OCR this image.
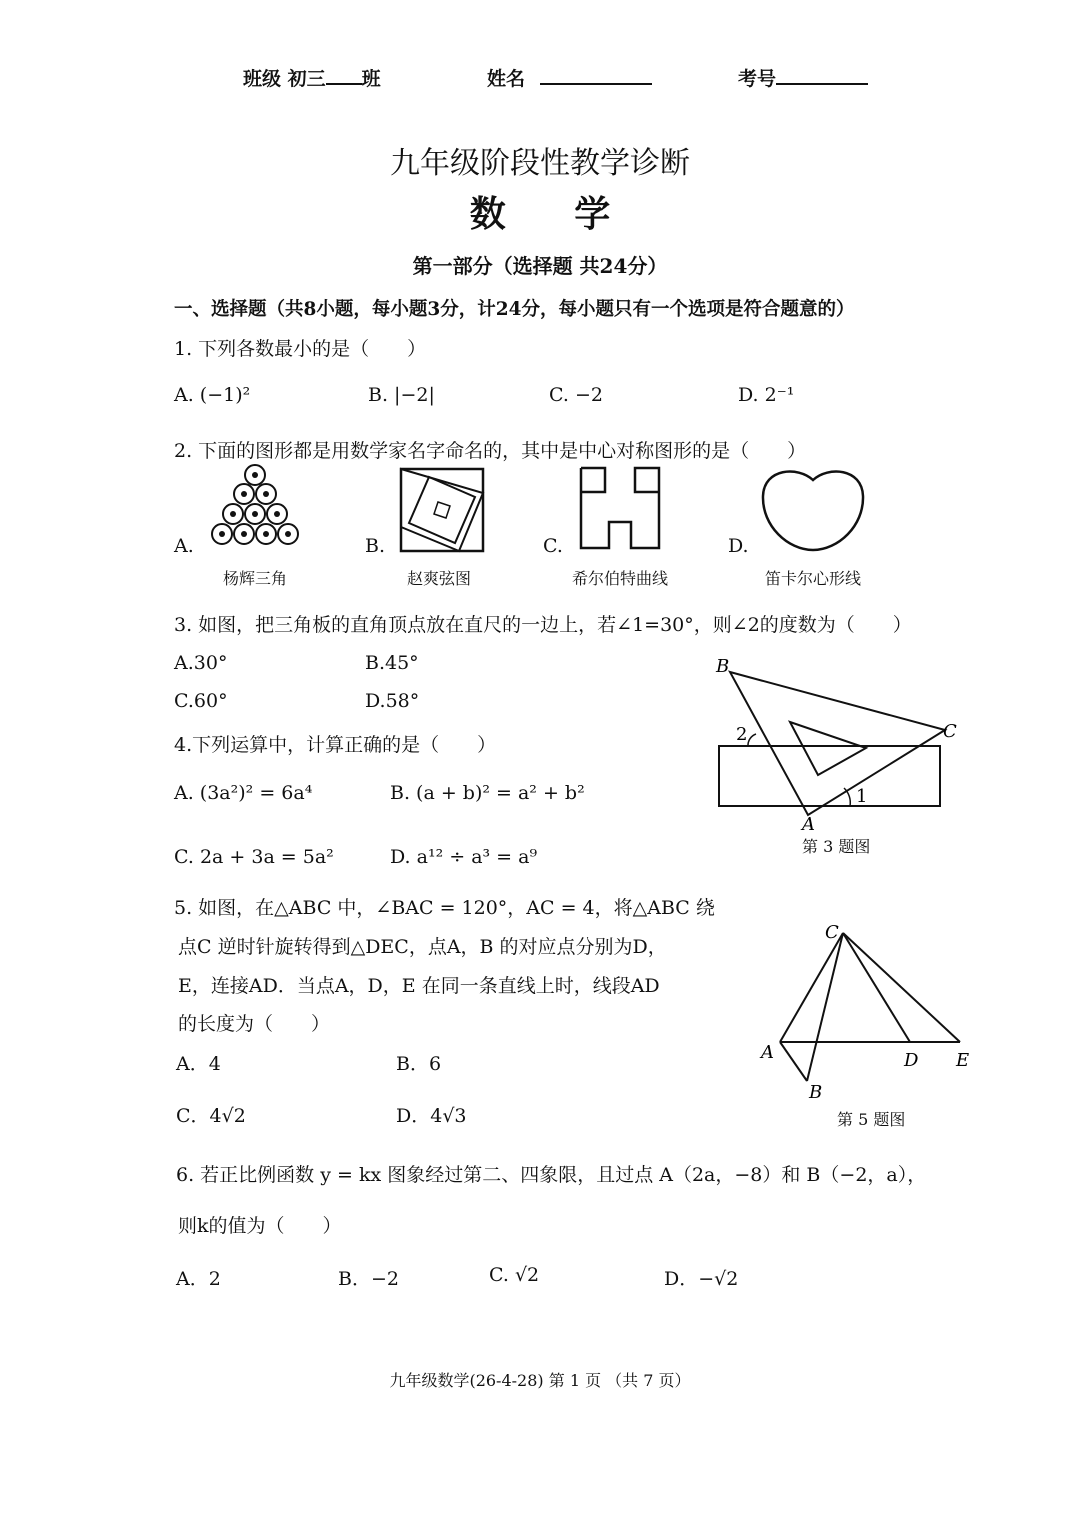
班级 初三 班	姓名	考号
九年级阶段性教学诊断
数 学
第一部分（选择题 共24分）
一、选择题（共8小题，每小题3分，计24分，每小题只有一个选项是符合题意的）
1. 下列各数最小的是（　　）
A. (−1)²	B. |−2|	C. −2	D. 2⁻¹
2. 下面的图形都是用数学家名字命名的，其中是中心对称图形的是（　　）
A.	B.	C.	D.
杨辉三角	赵爽弦图	希尔伯特曲线	笛卡尔心形线
3. 如图，把三角板的直角顶点放在直尺的一边上，若∠1=30°，则∠2的度数为（　　）
A.30°	B.45°
C.60°	D.58°
B
C
A
2
1
第 3 题图
4.下列运算中，计算正确的是（　　）
A. (3a²)² = 6a⁴	B. (a + b)² = a² + b²
C. 2a + 3a = 5a²	D. a¹² ÷ a³ = a⁹
5. 如图，在△ABC 中，∠BAC = 120°，AC = 4，将△ABC 绕
点C 逆时针旋转得到△DEC，点A，B 的对应点分别为D，
E，连接AD．当点A，D，E 在同一条直线上时，线段AD
的长度为（　　）
A．4	B．6
C．4√2	D．4√3
C
A	D E
B
第 5 题图
6. 若正比例函数 y = kx 图象经过第二、四象限，且过点 A（2a，−8）和 B（−2，a），
则k的值为（　　）
A．2	B．−2	C. √2	D．−√2
九年级数学(26-4-28) 第 1 页 （共 7 页）
